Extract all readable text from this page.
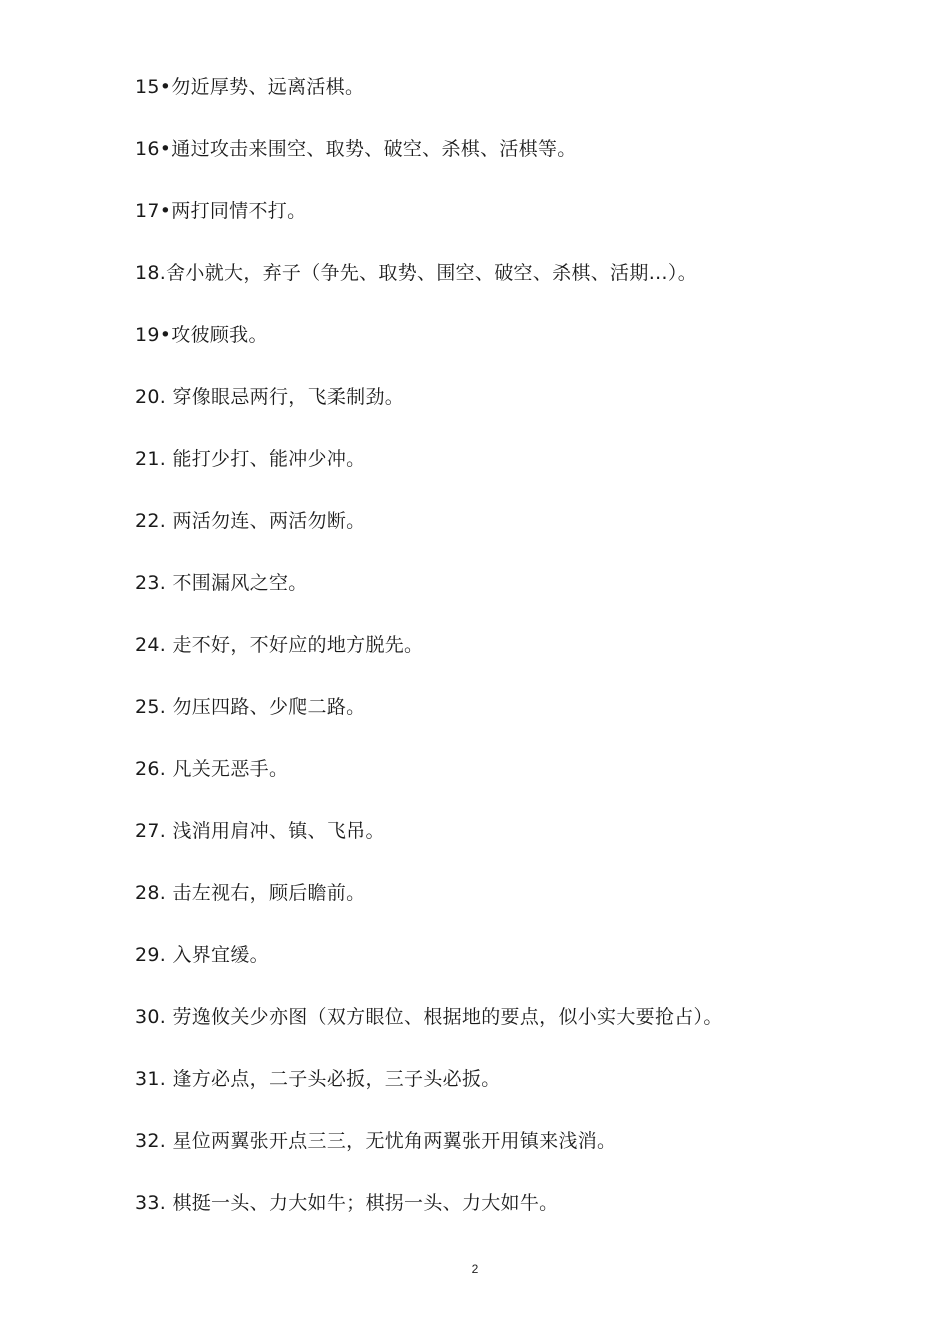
15•勿近厚势、远离活棋。
16•通过攻击来围空、取势、破空、杀棋、活棋等。
17•两打同情不打。
18.舍小就大，弃子（争先、取势、围空、破空、杀棋、活期…）。
19•攻彼顾我。
20. 穿像眼忌两行，飞柔制劲。
21. 能打少打、能冲少冲。
22. 两活勿连、两活勿断。
23. 不围漏风之空。
24. 走不好，不好应的地方脱先。
25. 勿压四路、少爬二路。
26. 凡关无恶手。
27. 浅消用肩冲、镇、飞吊。
28. 击左视右，顾后瞻前。
29. 入界宜缓。
30. 劳逸攸关少亦图（双方眼位、根据地的要点，似小实大要抢占）。
31. 逢方必点，二子头必扳，三子头必扳。
32. 星位两翼张开点三三，无忧角两翼张开用镇来浅消。
33. 棋挺一头、力大如牛；棋拐一头、力大如牛。
2
